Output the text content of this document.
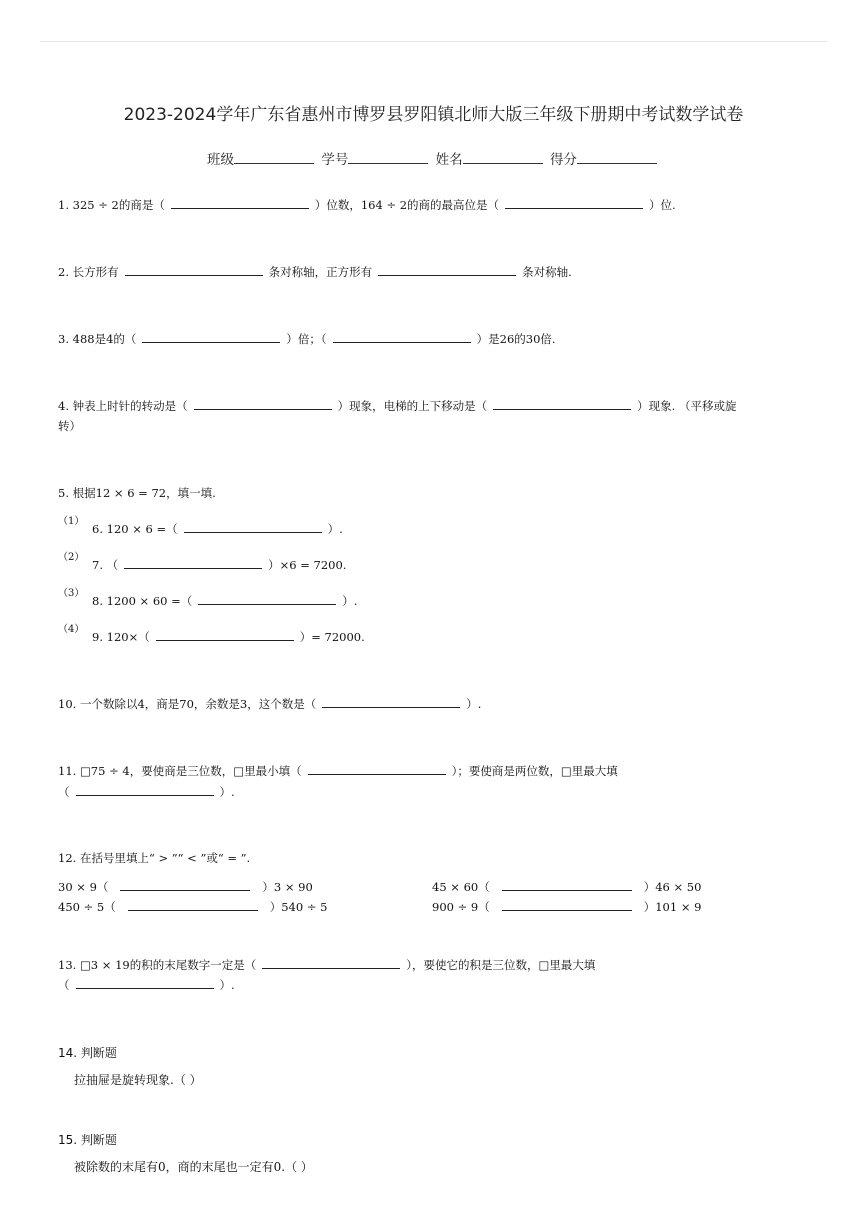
2023-2024学年广东省惠州市博罗县罗阳镇北师大版三年级下册期中考试数学试卷
班级	学号	姓名	得分
1. 325 ÷ 2的商是（	）位数，164 ÷ 2的商的最高位是（	）位.
2. 长方形有	条对称轴，正方形有	条对称轴.
3. 488是4的（	）倍；（	）是26的30倍.
4. 钟表上时针的转动是（	）现象，电梯的上下移动是（	）现象. （平移或旋
转）
5. 根据12 × 6 = 72，填一填.
（1）
6. 120 × 6 =（	）.
（2）
7. （	）×6 = 7200.
（3）
8. 1200 × 60 =（	）.
（4）
9. 120×（	）= 72000.
10. 一个数除以4，商是70，余数是3，这个数是（	）.
11. □75 ÷ 4，要使商是三位数，□里最小填（	）；要使商是两位数，□里最大填
（	）.
12. 在括号里填上“ > ”“ < ”或“ = ”.
30 × 9（	）3 × 90	45 × 60（	）46 × 50
450 ÷ 5（	）540 ÷ 5	900 ÷ 9（	）101 × 9
13. □3 × 19的积的末尾数字一定是（	），要使它的积是三位数，□里最大填
（	）.
14. 判断题
拉抽屉是旋转现象.（ ）
15. 判断题
被除数的末尾有0，商的末尾也一定有0.（ ）
